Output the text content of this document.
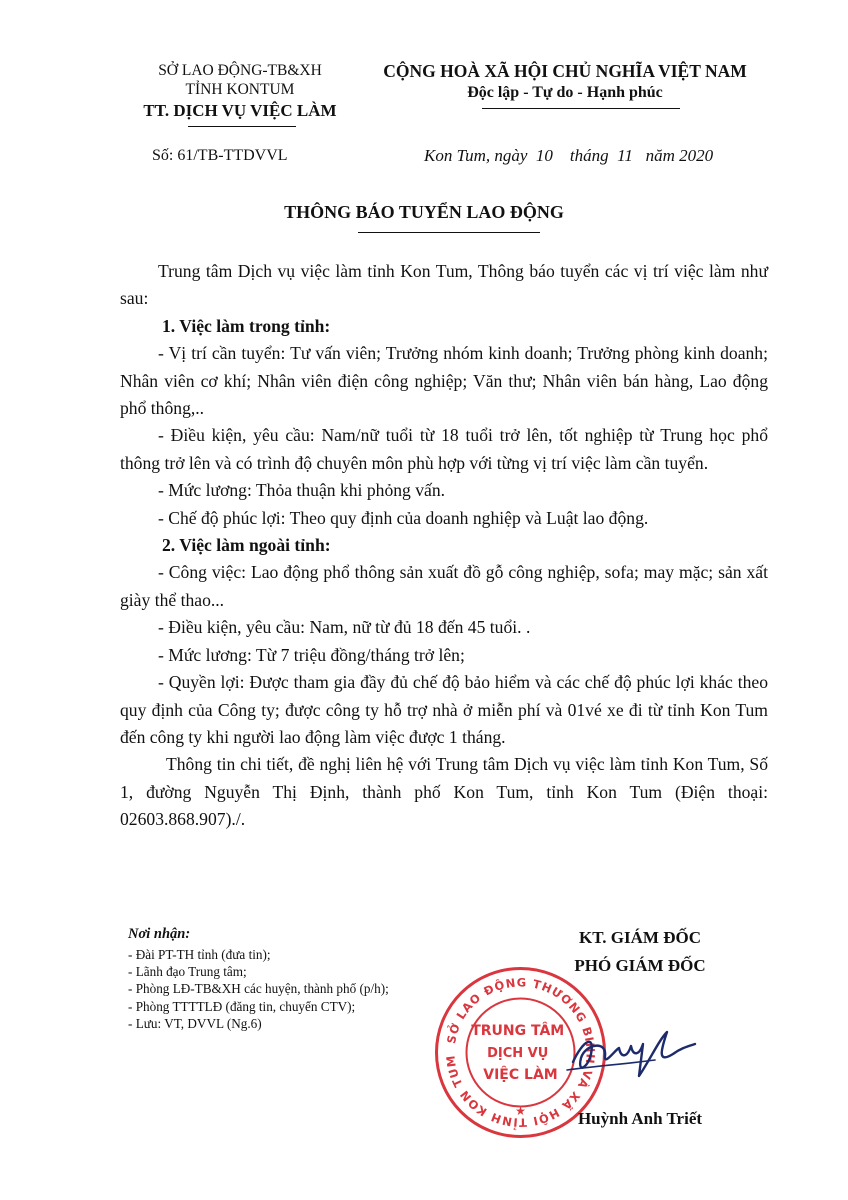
SỞ LAO ĐỘNG-TB&XH
TỈNH KONTUM
TT. DỊCH VỤ VIỆC LÀM
CỘNG HOÀ XÃ HỘI CHỦ NGHĨA VIỆT NAM
Độc lập - Tự do - Hạnh phúc
Số: 61/TB-TTDVVL	Kon Tum, ngày  10    tháng  11   năm 2020
THÔNG BÁO TUYỂN LAO ĐỘNG

Trung tâm Dịch vụ việc làm tỉnh Kon Tum, Thông báo tuyển các vị trí việc làm như sau:

1. Việc làm trong tỉnh:

- Vị trí cần tuyển: Tư vấn viên; Trưởng nhóm kinh doanh; Trưởng phòng kinh doanh; Nhân viên cơ khí; Nhân viên điện công nghiệp; Văn thư; Nhân viên bán hàng, Lao động phổ thông,..

- Điều kiện, yêu cầu: Nam/nữ tuổi từ 18 tuổi trở lên, tốt nghiệp từ Trung học phổ thông trở lên và có trình độ chuyên môn phù hợp với từng vị trí việc làm cần tuyển.

- Mức lương: Thỏa thuận khi phỏng vấn.

- Chế độ phúc lợi: Theo quy định của doanh nghiệp và Luật lao động.

2. Việc làm ngoài tỉnh:

- Công việc: Lao động phổ thông sản xuất đồ gỗ công nghiệp, sofa; may mặc; sản xất giày thể thao...

- Điều kiện, yêu cầu: Nam, nữ từ đủ 18 đến 45 tuổi. .

- Mức lương: Từ 7 triệu đồng/tháng trở lên;

- Quyền lợi: Được tham gia đầy đủ chế độ bảo hiểm và các chế độ phúc lợi khác theo quy định của Công ty; được công ty hỗ trợ nhà ở miễn phí và 01vé xe đi từ tỉnh Kon Tum đến công ty khi người lao động làm việc được 1 tháng.

Thông tin chi tiết, đề nghị liên hệ với Trung tâm Dịch vụ việc làm tỉnh Kon Tum, Số 1, đường Nguyễn Thị Định, thành phố Kon Tum, tỉnh Kon Tum (Điện thoại: 02603.868.907)./.

Nơi nhận:
- Đài PT-TH tỉnh (đưa tin);
- Lãnh đạo Trung tâm;
- Phòng LĐ-TB&XH các huyện, thành phố (p/h);
- Phòng TTTTLĐ (đăng tin, chuyển CTV);
- Lưu: VT, DVVL (Ng.6)
KT. GIÁM ĐỐC
PHÓ GIÁM ĐỐC
SỞ LAO ĐỘNG THƯƠNG BINH VÀ XÃ HỘI TỈNH KON TUM
TRUNG TÂM DỊCH VỤ VIỆC LÀM
★	Huỳnh Anh Triết
